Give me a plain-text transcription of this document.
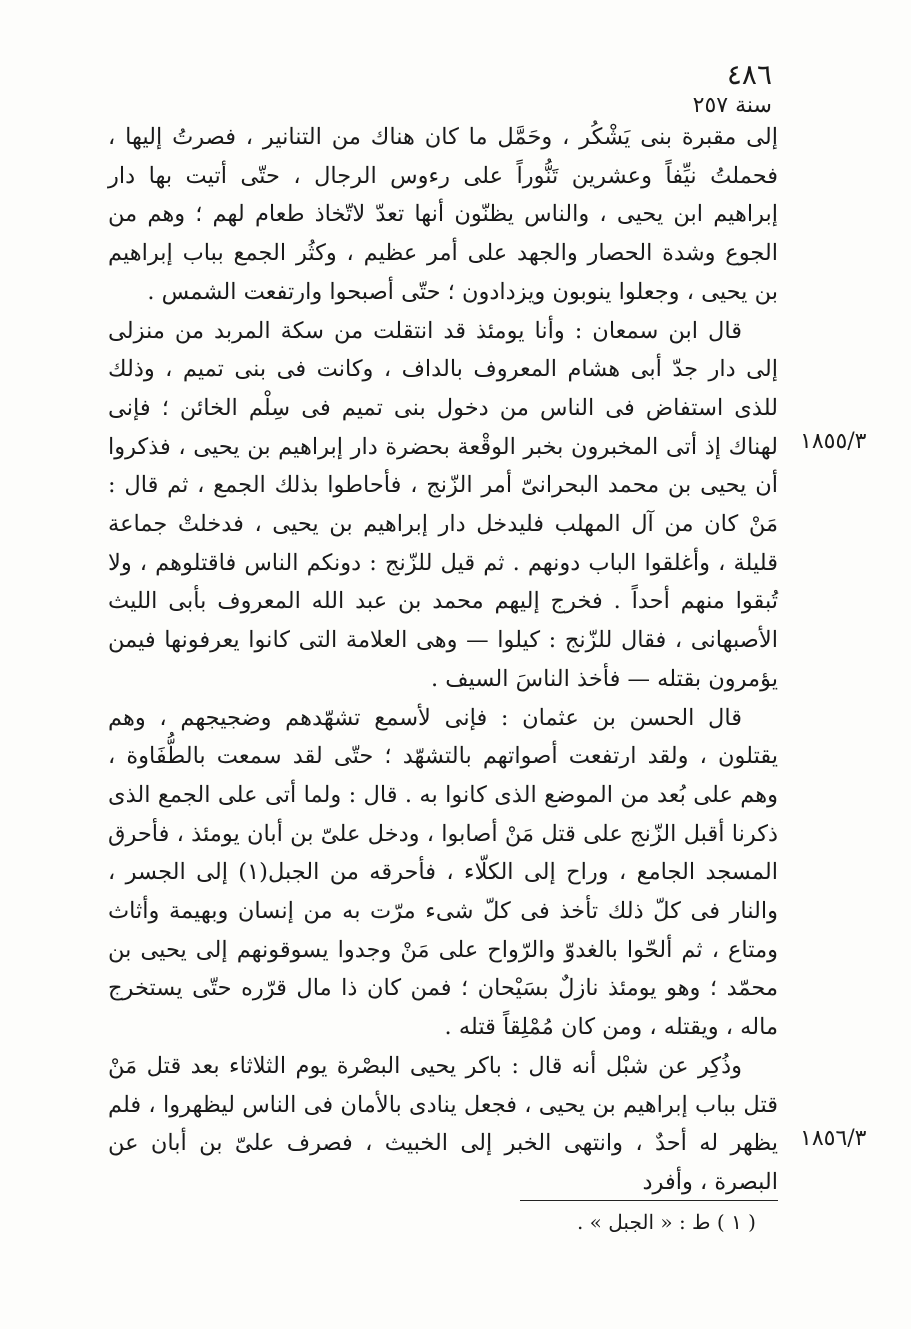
٤٨٦
سنة ٢٥٧

إلى مقبرة بنى يَشْكُر ، وحَمَّل ما كان هناك من التنانير ، فصرتُ إليها ، فحملتُ نيِّفاً وعشرين تَنُّوراً على رءوس الرجال ، حتّى أتيت بها دار إبراهيم ابن يحيى ، والناس يظنّون أنها تعدّ لاتّخاذ طعام لهم ؛ وهم من الجوع وشدة الحصار والجهد على أمر عظيم ، وكثُر الجمع بباب إبراهيم بن يحيى ، وجعلوا ينوبون ويزدادون ؛ حتّى أصبحوا وارتفعت الشمس .

قال ابن سمعان : وأنا يومئذ قد انتقلت من سكة المربد من منزلى إلى دار جدّ أبى هشام المعروف بالداف ، وكانت فى بنى تميم ، وذلك للذى استفاض فى الناس من دخول بنى تميم فى سِلْم الخائن ؛ فإنى لهناك إذ أتى المخبرون بخبر الوقْعة بحضرة دار إبراهيم بن يحيى ، فذكروا أن يحيى بن محمد البحرانىّ أمر الزّنج ، فأحاطوا بذلك الجمع ، ثم قال : مَنْ كان من آل المهلب فليدخل دار إبراهيم بن يحيى ، فدخلتْ جماعة قليلة ، وأغلقوا الباب دونهم . ثم قيل للزّنج : دونكم الناس فاقتلوهم ، ولا تُبقوا منهم أحداً . فخرج إليهم محمد بن عبد الله المعروف بأبى الليث الأصبهانى ، فقال للزّنج : كيلوا — وهى العلامة التى كانوا يعرفونها فيمن يؤمرون بقتله — فأخذ الناسَ السيف .

قال الحسن بن عثمان : فإنى لأسمع تشهّدهم وضجيجهم ، وهم يقتلون ، ولقد ارتفعت أصواتهم بالتشهّد ؛ حتّى لقد سمعت بالطُّفَاوة ، وهم على بُعد من الموضع الذى كانوا به . قال : ولما أتى على الجمع الذى ذكرنا أقبل الزّنج على قتل مَنْ أصابوا ، ودخل علىّ بن أبان يومئذ ، فأحرق المسجد الجامع ، وراح إلى الكلّاء ، فأحرقه من الجبل(١) إلى الجسر ، والنار فى كلّ ذلك تأخذ فى كلّ شىء مرّت به من إنسان وبهيمة وأثاث ومتاع ، ثم ألحّوا بالغدوّ والرّواح على مَنْ وجدوا يسوقونهم إلى يحيى بن محمّد ؛ وهو يومئذ نازلٌ بسَيْحان ؛ فمن كان ذا مال قرّره حتّى يستخرج ماله ، ويقتله ، ومن كان مُمْلِقاً قتله .

وذُكِر عن شبْل أنه قال : باكر يحيى البصْرة يوم الثلاثاء بعد قتل مَنْ قتل بباب إبراهيم بن يحيى ، فجعل ينادى بالأمان فى الناس ليظهروا ، فلم يظهر له أحدٌ ، وانتهى الخبر إلى الخبيث ، فصرف علىّ بن أبان عن البصرة ، وأفرد

١٨٥٥/٣
١٨٥٦/٣
( ١ ) ط : « الجبل » .
